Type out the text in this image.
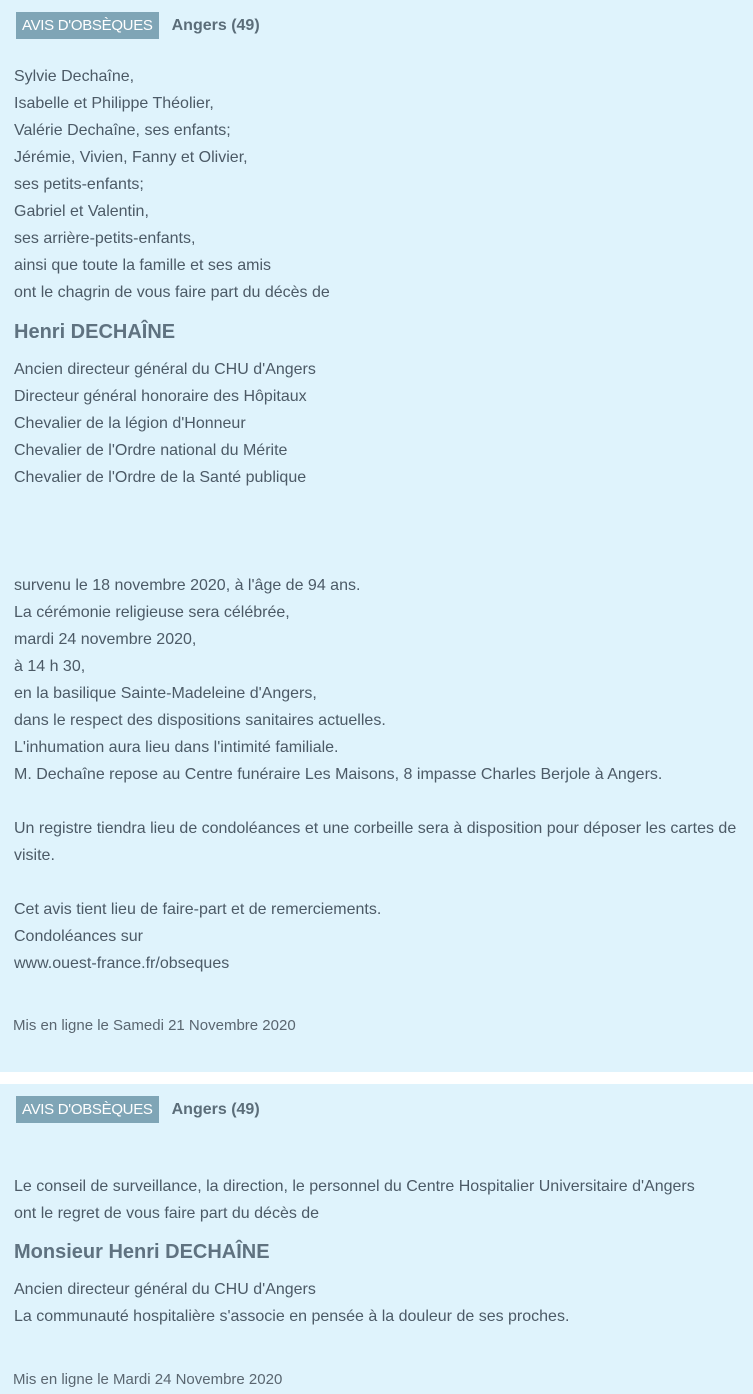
AVIS D'OBSÈQUES	Angers (49)
Sylvie Dechaîne,
Isabelle et Philippe Théolier,
Valérie Dechaîne, ses enfants;
Jérémie, Vivien, Fanny et Olivier,
ses petits-enfants;
Gabriel et Valentin,
ses arrière-petits-enfants,
ainsi que toute la famille et ses amis
ont le chagrin de vous faire part du décès de
Henri DECHAÎNE
Ancien directeur général du CHU d'Angers
Directeur général honoraire des Hôpitaux
Chevalier de la légion d'Honneur
Chevalier de l'Ordre national du Mérite
Chevalier de l'Ordre de la Santé publique
survenu le 18 novembre 2020, à l'âge de 94 ans.
La cérémonie religieuse sera célébrée,
mardi 24 novembre 2020,
à 14 h 30,
en la basilique Sainte-Madeleine d'Angers,
dans le respect des dispositions sanitaires actuelles.
L'inhumation aura lieu dans l'intimité familiale.
M. Dechaîne repose au Centre funéraire Les Maisons, 8 impasse Charles Berjole à Angers.
Un registre tiendra lieu de condoléances et une corbeille sera à disposition pour déposer les cartes de visite.
Cet avis tient lieu de faire-part et de remerciements.
Condoléances sur
www.ouest-france.fr/obseques
Mis en ligne le Samedi 21 Novembre 2020
AVIS D'OBSÈQUES	Angers (49)
Le conseil de surveillance, la direction, le personnel du Centre Hospitalier Universitaire d'Angers ont le regret de vous faire part du décès de
Monsieur Henri DECHAÎNE
Ancien directeur général du CHU d'Angers
La communauté hospitalière s'associe en pensée à la douleur de ses proches.
Mis en ligne le Mardi 24 Novembre 2020
